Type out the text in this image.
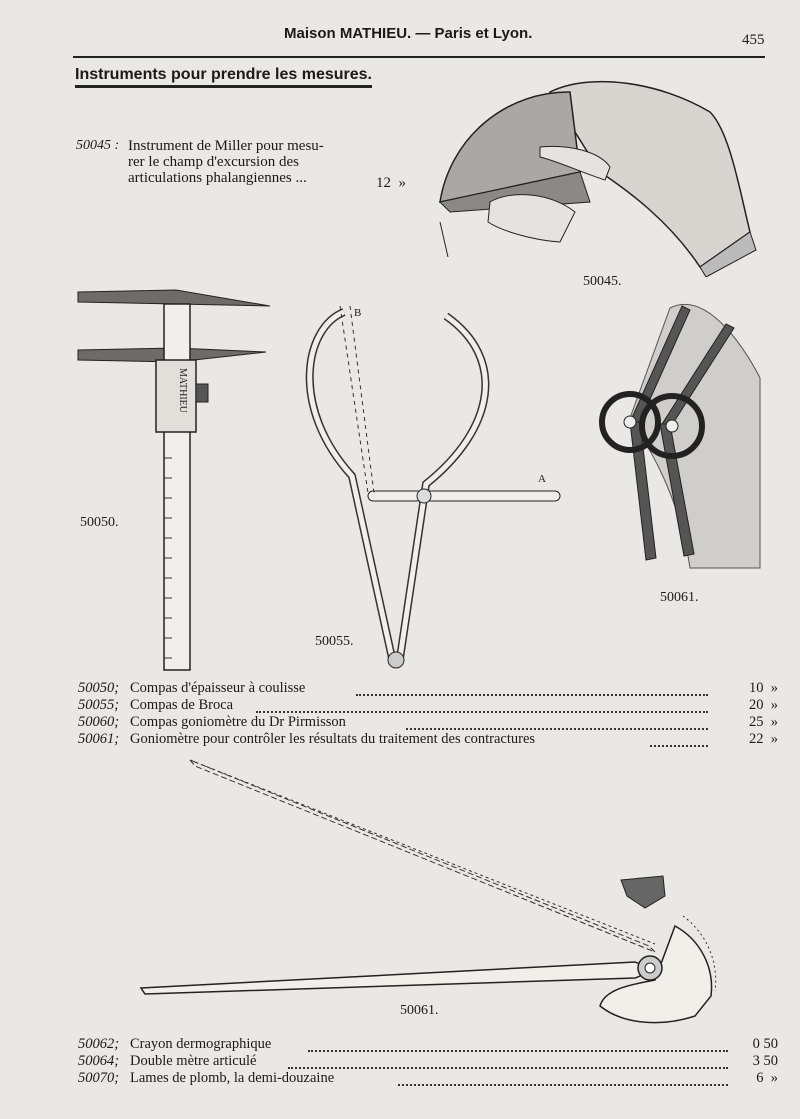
Maison MATHIEU. — Paris et Lyon.	455
Instruments pour prendre les mesures.
50045 : Instrument de Miller pour mesu-
rer le champ d'excursion des
articulations phalangiennes ...	12  »
50045.
MATHIEU
50050.
B
A
50055.
50061.
50050; Compas d'épaisseur à coulisse	10  »
50055; Compas de Broca	20  »
50060; Compas goniomètre du Dr Pirmisson	25  »
50061; Goniomètre pour contrôler les résultats du traitement des contractures	22  »
50061.
50062; Crayon dermographique	0 50
50064; Double mètre articulé	3 50
50070; Lames de plomb, la demi-douzaine	6  »
